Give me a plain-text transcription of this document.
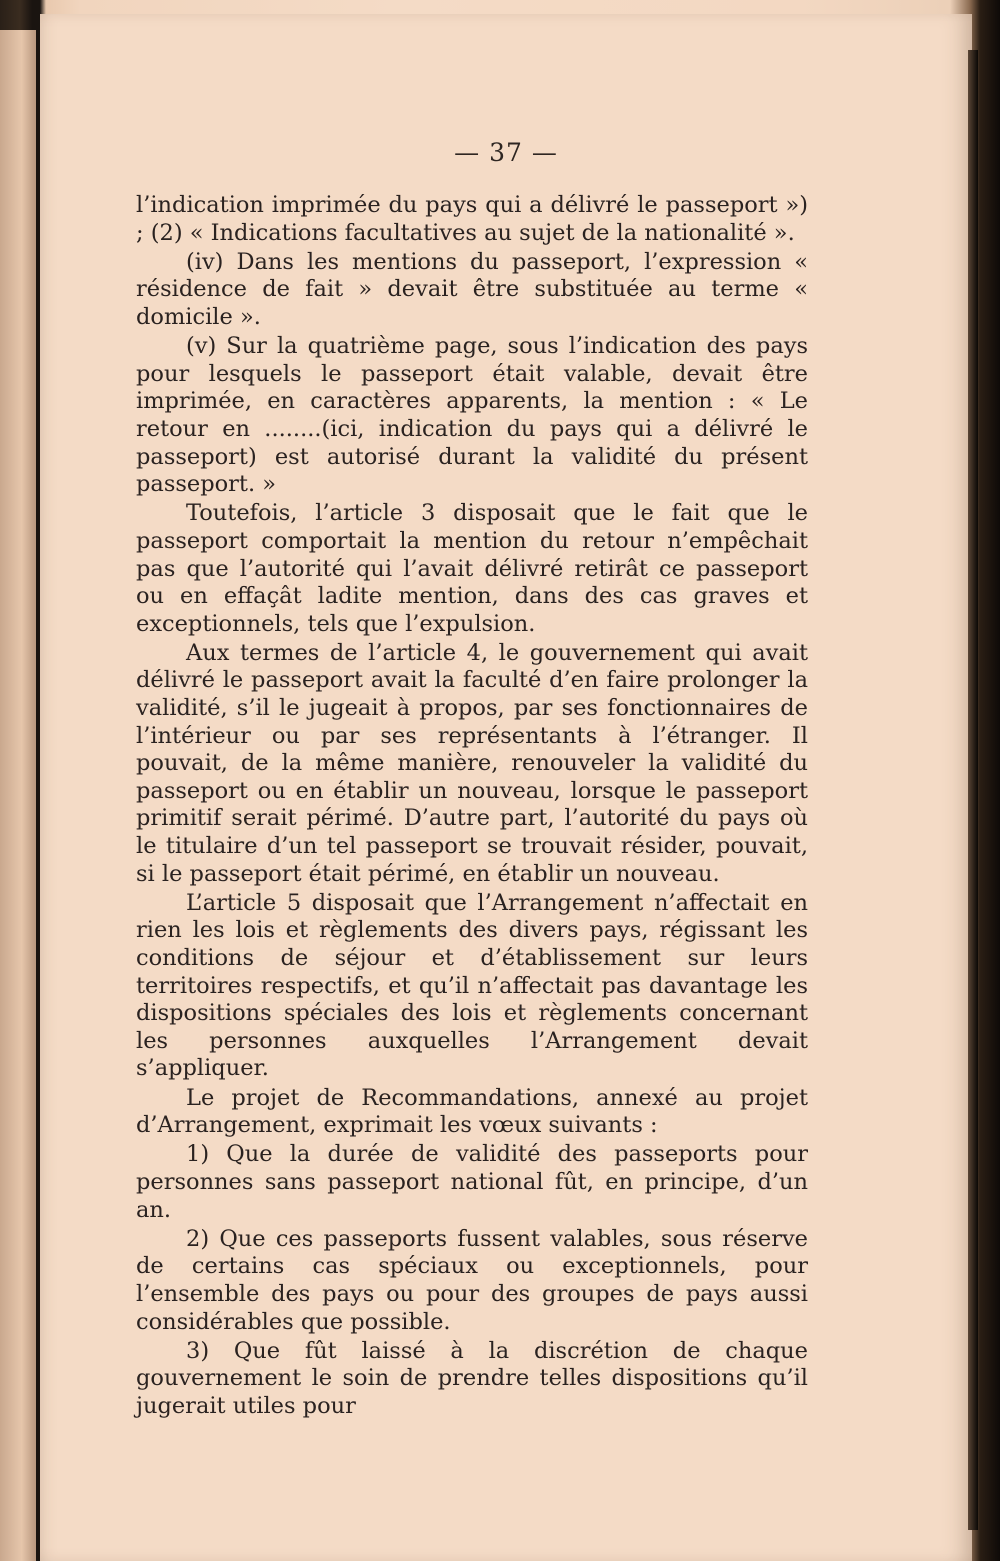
— 37 —

l’indication imprimée du pays qui a délivré le passeport ») ; (2) « Indications facultatives au sujet de la nationalité ».

(iv) Dans les mentions du passeport, l’expression « résidence de fait » devait être substituée au terme « domicile ».

(v) Sur la quatrième page, sous l’indication des pays pour lesquels le passeport était valable, devait être imprimée, en caractères apparents, la mention : « Le retour en ........(ici, indication du pays qui a délivré le passeport) est autorisé durant la validité du présent passeport. »

Toutefois, l’article 3 disposait que le fait que le passeport comportait la mention du retour n’empêchait pas que l’autorité qui l’avait délivré retirât ce passeport ou en effaçât ladite mention, dans des cas graves et exceptionnels, tels que l’expulsion.

Aux termes de l’article 4, le gouvernement qui avait délivré le passeport avait la faculté d’en faire prolonger la validité, s’il le jugeait à propos, par ses fonctionnaires de l’intérieur ou par ses représentants à l’étranger. Il pouvait, de la même manière, renouveler la validité du passeport ou en établir un nouveau, lorsque le passeport primitif serait périmé. D’autre part, l’autorité du pays où le titulaire d’un tel passeport se trouvait résider, pouvait, si le passeport était périmé, en établir un nouveau.

L’article 5 disposait que l’Arrangement n’affectait en rien les lois et règlements des divers pays, régissant les conditions de séjour et d’établissement sur leurs territoires respectifs, et qu’il n’affectait pas davantage les dispositions spéciales des lois et règlements concernant les personnes auxquelles l’Arrangement devait s’appliquer.

Le projet de Recommandations, annexé au projet d’Arrangement, exprimait les vœux suivants :

1) Que la durée de validité des passeports pour personnes sans passeport national fût, en principe, d’un an.

2) Que ces passeports fussent valables, sous réserve de certains cas spéciaux ou exceptionnels, pour l’ensemble des pays ou pour des groupes de pays aussi considérables que possible.

3) Que fût laissé à la discrétion de chaque gouvernement le soin de prendre telles dispositions qu’il jugerait utiles pour
